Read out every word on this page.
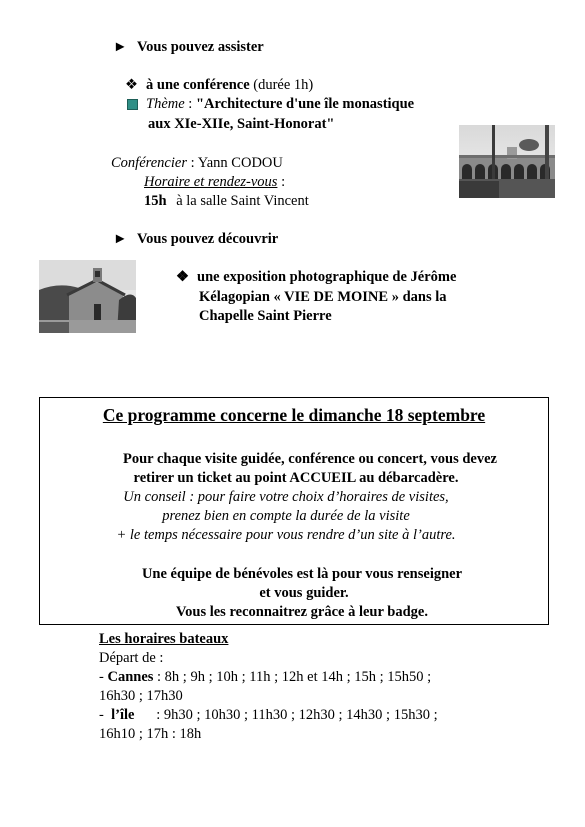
► Vous pouvez assister
❖ à une conférence (durée 1h)
Thème : "Architecture d'une île monastique
aux XIe-XIIe, Saint-Honorat"
Conférencier : Yann CODOU
Horaire et rendez-vous :
15h à la salle Saint Vincent
► Vous pouvez découvrir
❖ une exposition photographique de Jérôme
Kélagopian « VIE DE MOINE » dans la
Chapelle Saint Pierre
Ce programme concerne le dimanche 18 septembre
Pour chaque visite guidée, conférence ou concert, vous devez
retirer un ticket au point ACCUEIL au débarcadère.
Un conseil : pour faire votre choix d’horaires de visites,
prenez bien en compte la durée de la visite
+ le temps nécessaire pour vous rendre d’un site à l’autre.
Une équipe de bénévoles est là pour vous renseigner
et vous guider.
Vous les reconnaitrez grâce à leur badge.
Les horaires bateaux
Départ de :
- Cannes : 8h ; 9h ; 10h ; 11h ; 12h et 14h ; 15h ; 15h50 ;
16h30 ; 17h30
-  l’île      : 9h30 ; 10h30 ; 11h30 ; 12h30 ; 14h30 ; 15h30 ;
16h10 ; 17h : 18h
